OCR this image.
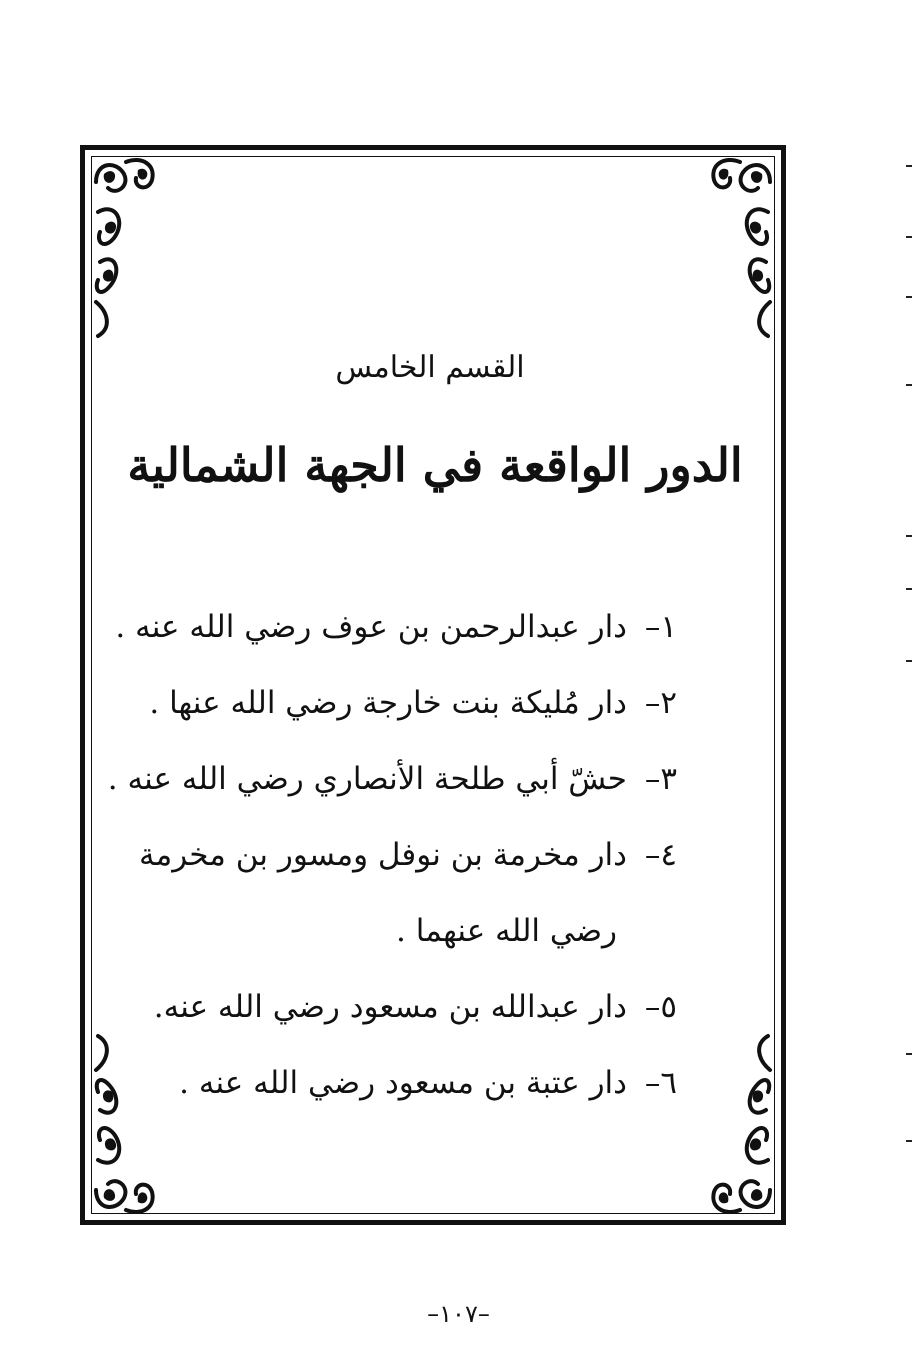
القسم الخامس
الدور الواقعة في الجهة الشمالية
١– دار عبدالرحمن بن عوف رضي الله عنه .
٢– دار مُليكة بنت خارجة رضي الله عنها .
٣– حشّ أبي طلحة الأنصاري رضي الله عنه .
٤– دار مخرمة بن نوفل ومسور بن مخرمة
رضي الله عنهما .
٥– دار عبدالله بن مسعود رضي الله عنه.
٦– دار عتبة بن مسعود رضي الله عنه .
–١٠٧–
